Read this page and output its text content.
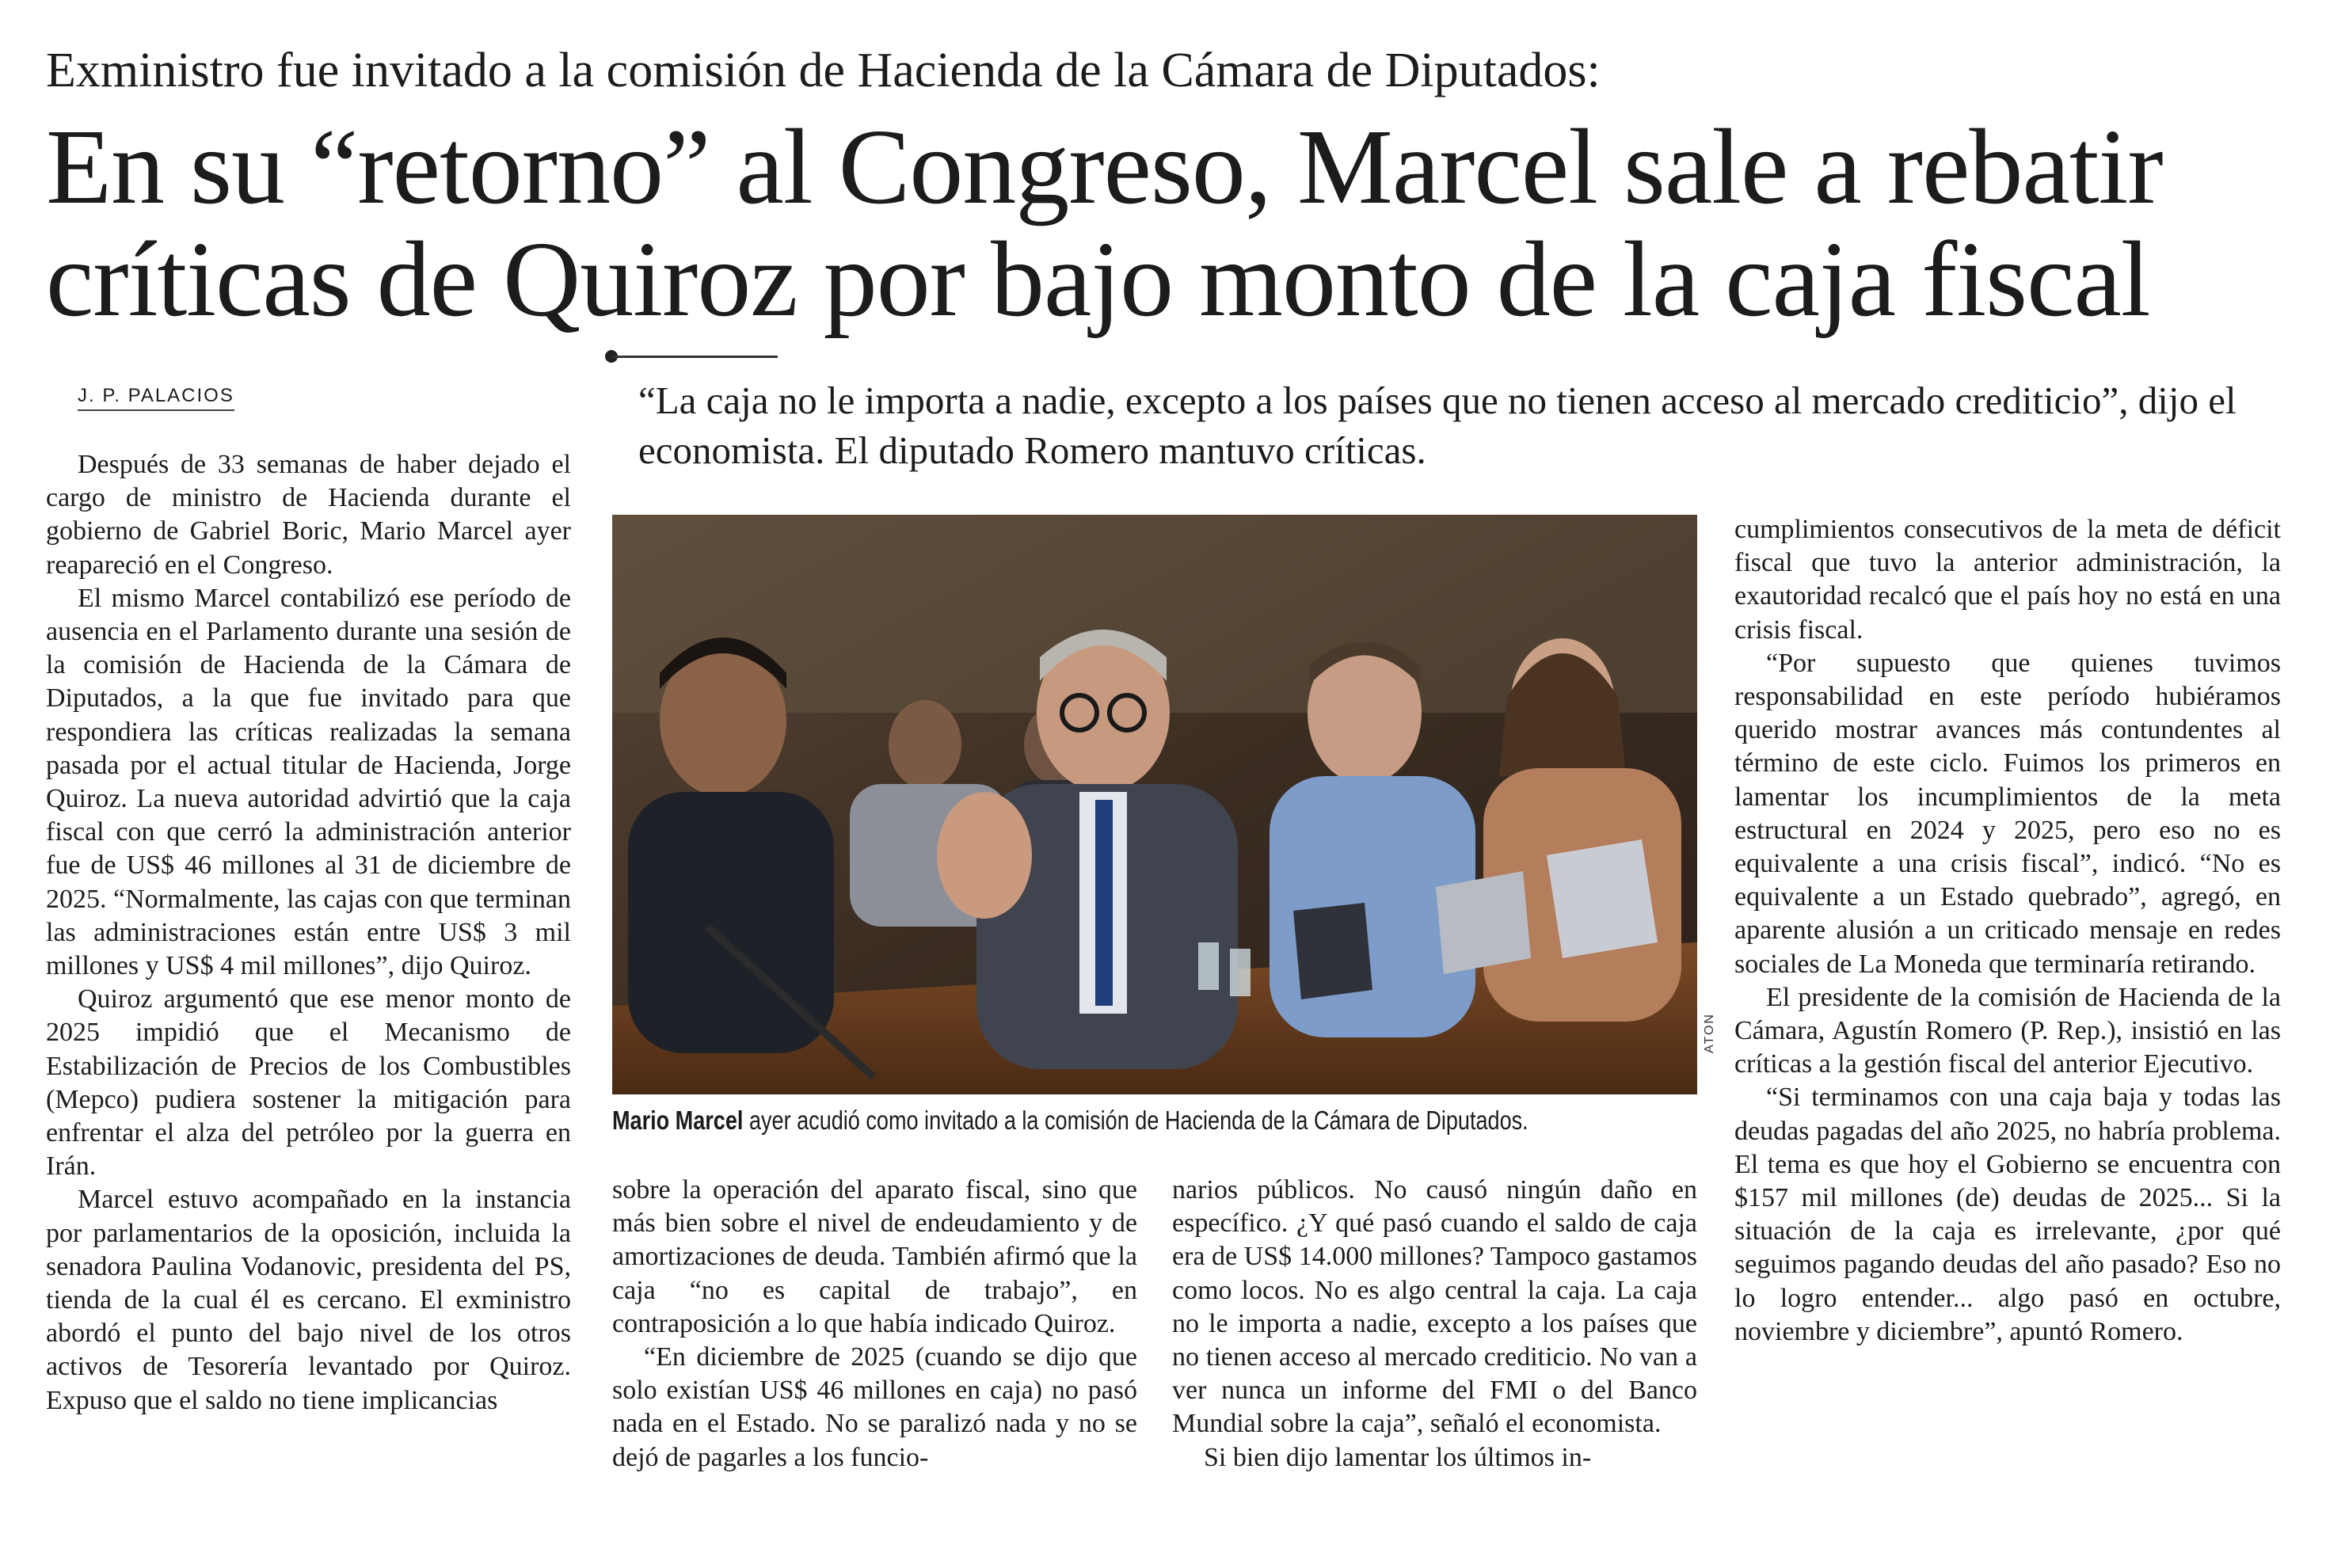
Exministro fue invitado a la comisión de Hacienda de la Cámara de Diputados:
En su “retorno” al Congreso, Marcel sale a rebatir
críticas de Quiroz por bajo monto de la caja fiscal
J. P. PALACIOS	“La caja no le importa a nadie, excepto a los países que no tienen acceso al mercado crediticio”, dijo el economista. El diputado Romero mantuvo críticas.

Después de 33 semanas de haber dejado el cargo de ministro de Hacienda durante el gobierno de Gabriel Boric, Mario Marcel ayer reapareció en el Congreso.

El mismo Marcel contabilizó ese período de ausencia en el Parlamento durante una sesión de la comisión de Hacienda de la Cámara de Diputados, a la que fue invitado para que respondiera las críticas realizadas la semana pasada por el actual titular de Hacienda, Jorge Quiroz. La nueva autoridad advirtió que la caja fiscal con que cerró la administración anterior fue de US$ 46 millones al 31 de diciembre de 2025. “Normalmente, las cajas con que terminan las administraciones están entre US$ 3 mil millones y US$ 4 mil millones”, dijo Quiroz.

Quiroz argumentó que ese menor monto de 2025 impidió que el Mecanismo de Estabilización de Precios de los Combustibles (Mepco) pudiera sostener la mitigación para enfrentar el alza del petróleo por la guerra en Irán.

Marcel estuvo acompañado en la instancia por parlamentarios de la oposición, incluida la senadora Paulina Vodanovic, presidenta del PS, tienda de la cual él es cercano. El exministro abordó el punto del bajo nivel de los otros activos de Tesorería levantado por Quiroz. Expuso que el saldo no tiene implicancias

ATON
Mario Marcel ayer acudió como invitado a la comisión de Hacienda de la Cámara de Diputados.

sobre la operación del aparato fiscal, sino que más bien sobre el nivel de endeudamiento y de amortizaciones de deuda. También afirmó que la caja “no es capital de trabajo”, en contraposición a lo que había indicado Quiroz.

“En diciembre de 2025 (cuando se dijo que solo existían US$ 46 millones en caja) no pasó nada en el Estado. No se paralizó nada y no se dejó de pagarles a los funcio-

narios públicos. No causó ningún daño en específico. ¿Y qué pasó cuando el saldo de caja era de US$ 14.000 millones? Tampoco gastamos como locos. No es algo central la caja. La caja no le importa a nadie, excepto a los países que no tienen acceso al mercado crediticio. No van a ver nunca un informe del FMI o del Banco Mundial sobre la caja”, señaló el economista.

Si bien dijo lamentar los últimos in-

cumplimientos consecutivos de la meta de déficit fiscal que tuvo la anterior administración, la exautoridad recalcó que el país hoy no está en una crisis fiscal.

“Por supuesto que quienes tuvimos responsabilidad en este período hubiéramos querido mostrar avances más contundentes al término de este ciclo. Fuimos los primeros en lamentar los incumplimientos de la meta estructural en 2024 y 2025, pero eso no es equivalente a una crisis fiscal”, indicó. “No es equivalente a un Estado quebrado”, agregó, en aparente alusión a un criticado mensaje en redes sociales de La Moneda que terminaría retirando.

El presidente de la comisión de Hacienda de la Cámara, Agustín Romero (P. Rep.), insistió en las críticas a la gestión fiscal del anterior Ejecutivo.

“Si terminamos con una caja baja y todas las deudas pagadas del año 2025, no habría problema. El tema es que hoy el Gobierno se encuentra con $157 mil millones (de) deudas de 2025... Si la situación de la caja es irrelevante, ¿por qué seguimos pagando deudas del año pasado? Eso no lo logro entender... algo pasó en octubre, noviembre y diciembre”, apuntó Romero.
